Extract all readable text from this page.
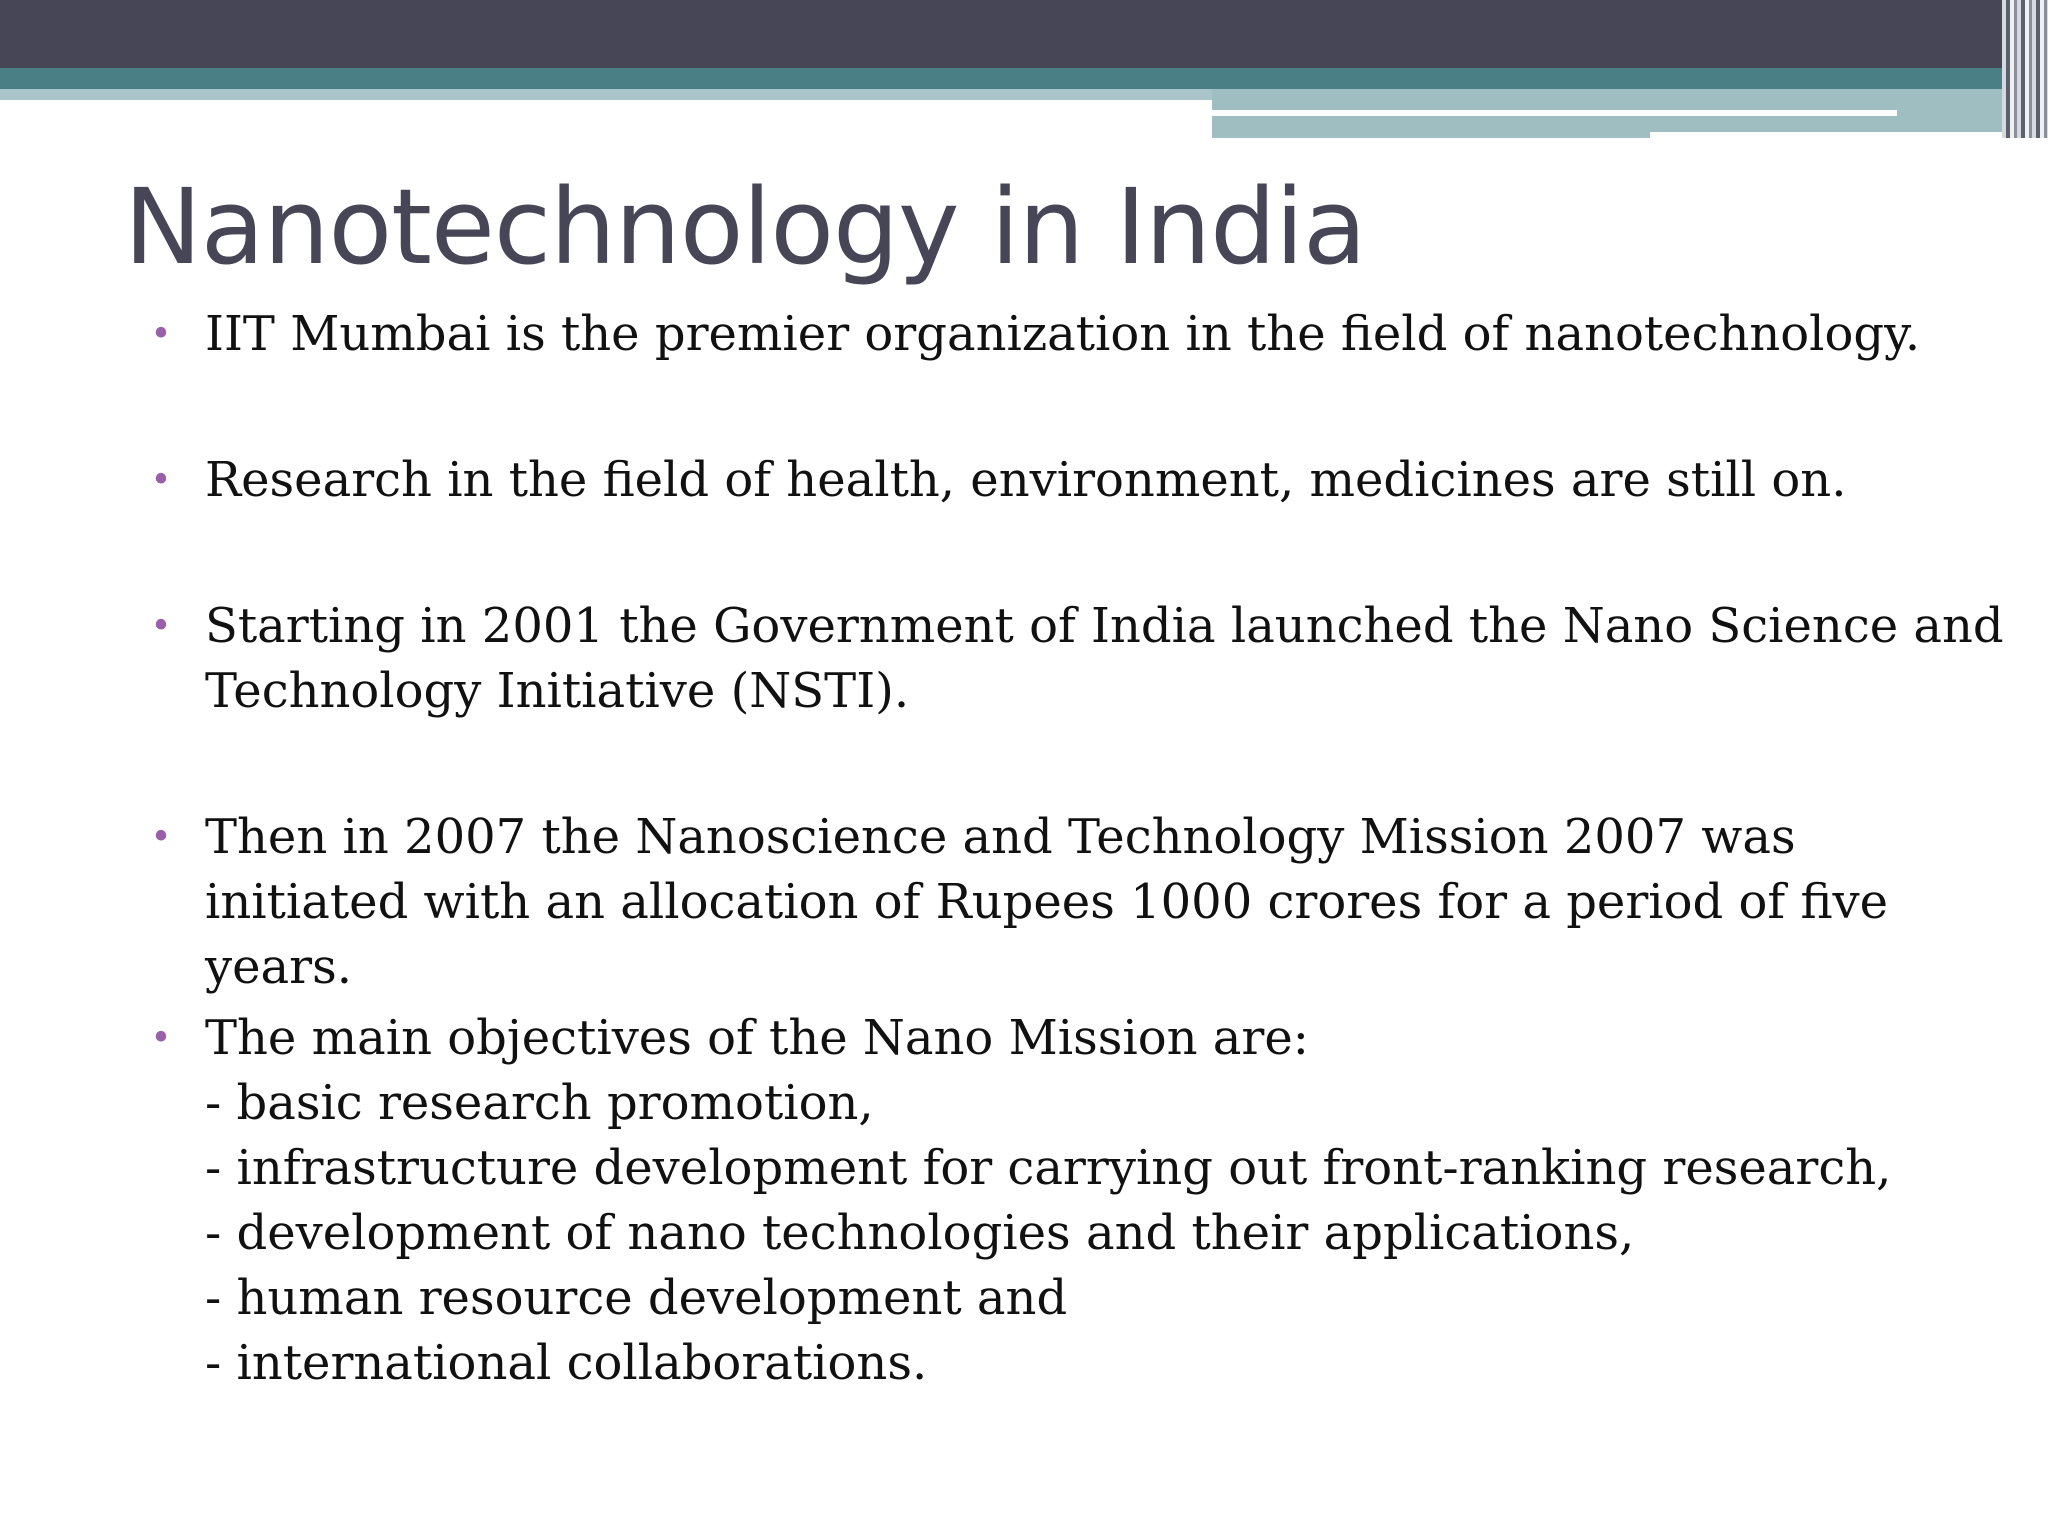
Nanotechnology in India
• IIT Mumbai is the premier organization in the field of nanotechnology.
• Research in the field of health, environment, medicines are still on.
• Starting in 2001 the Government of India launched the Nano Science and Technology Initiative (NSTI).
• Then in 2007 the Nanoscience and Technology Mission 2007 was initiated with an allocation of Rupees 1000 crores for a period of five years.
• The main objectives of the Nano Mission are:
- basic research promotion,
- infrastructure development for carrying out front-ranking research,
- development of nano technologies and their applications,
- human resource development and
- international collaborations.
